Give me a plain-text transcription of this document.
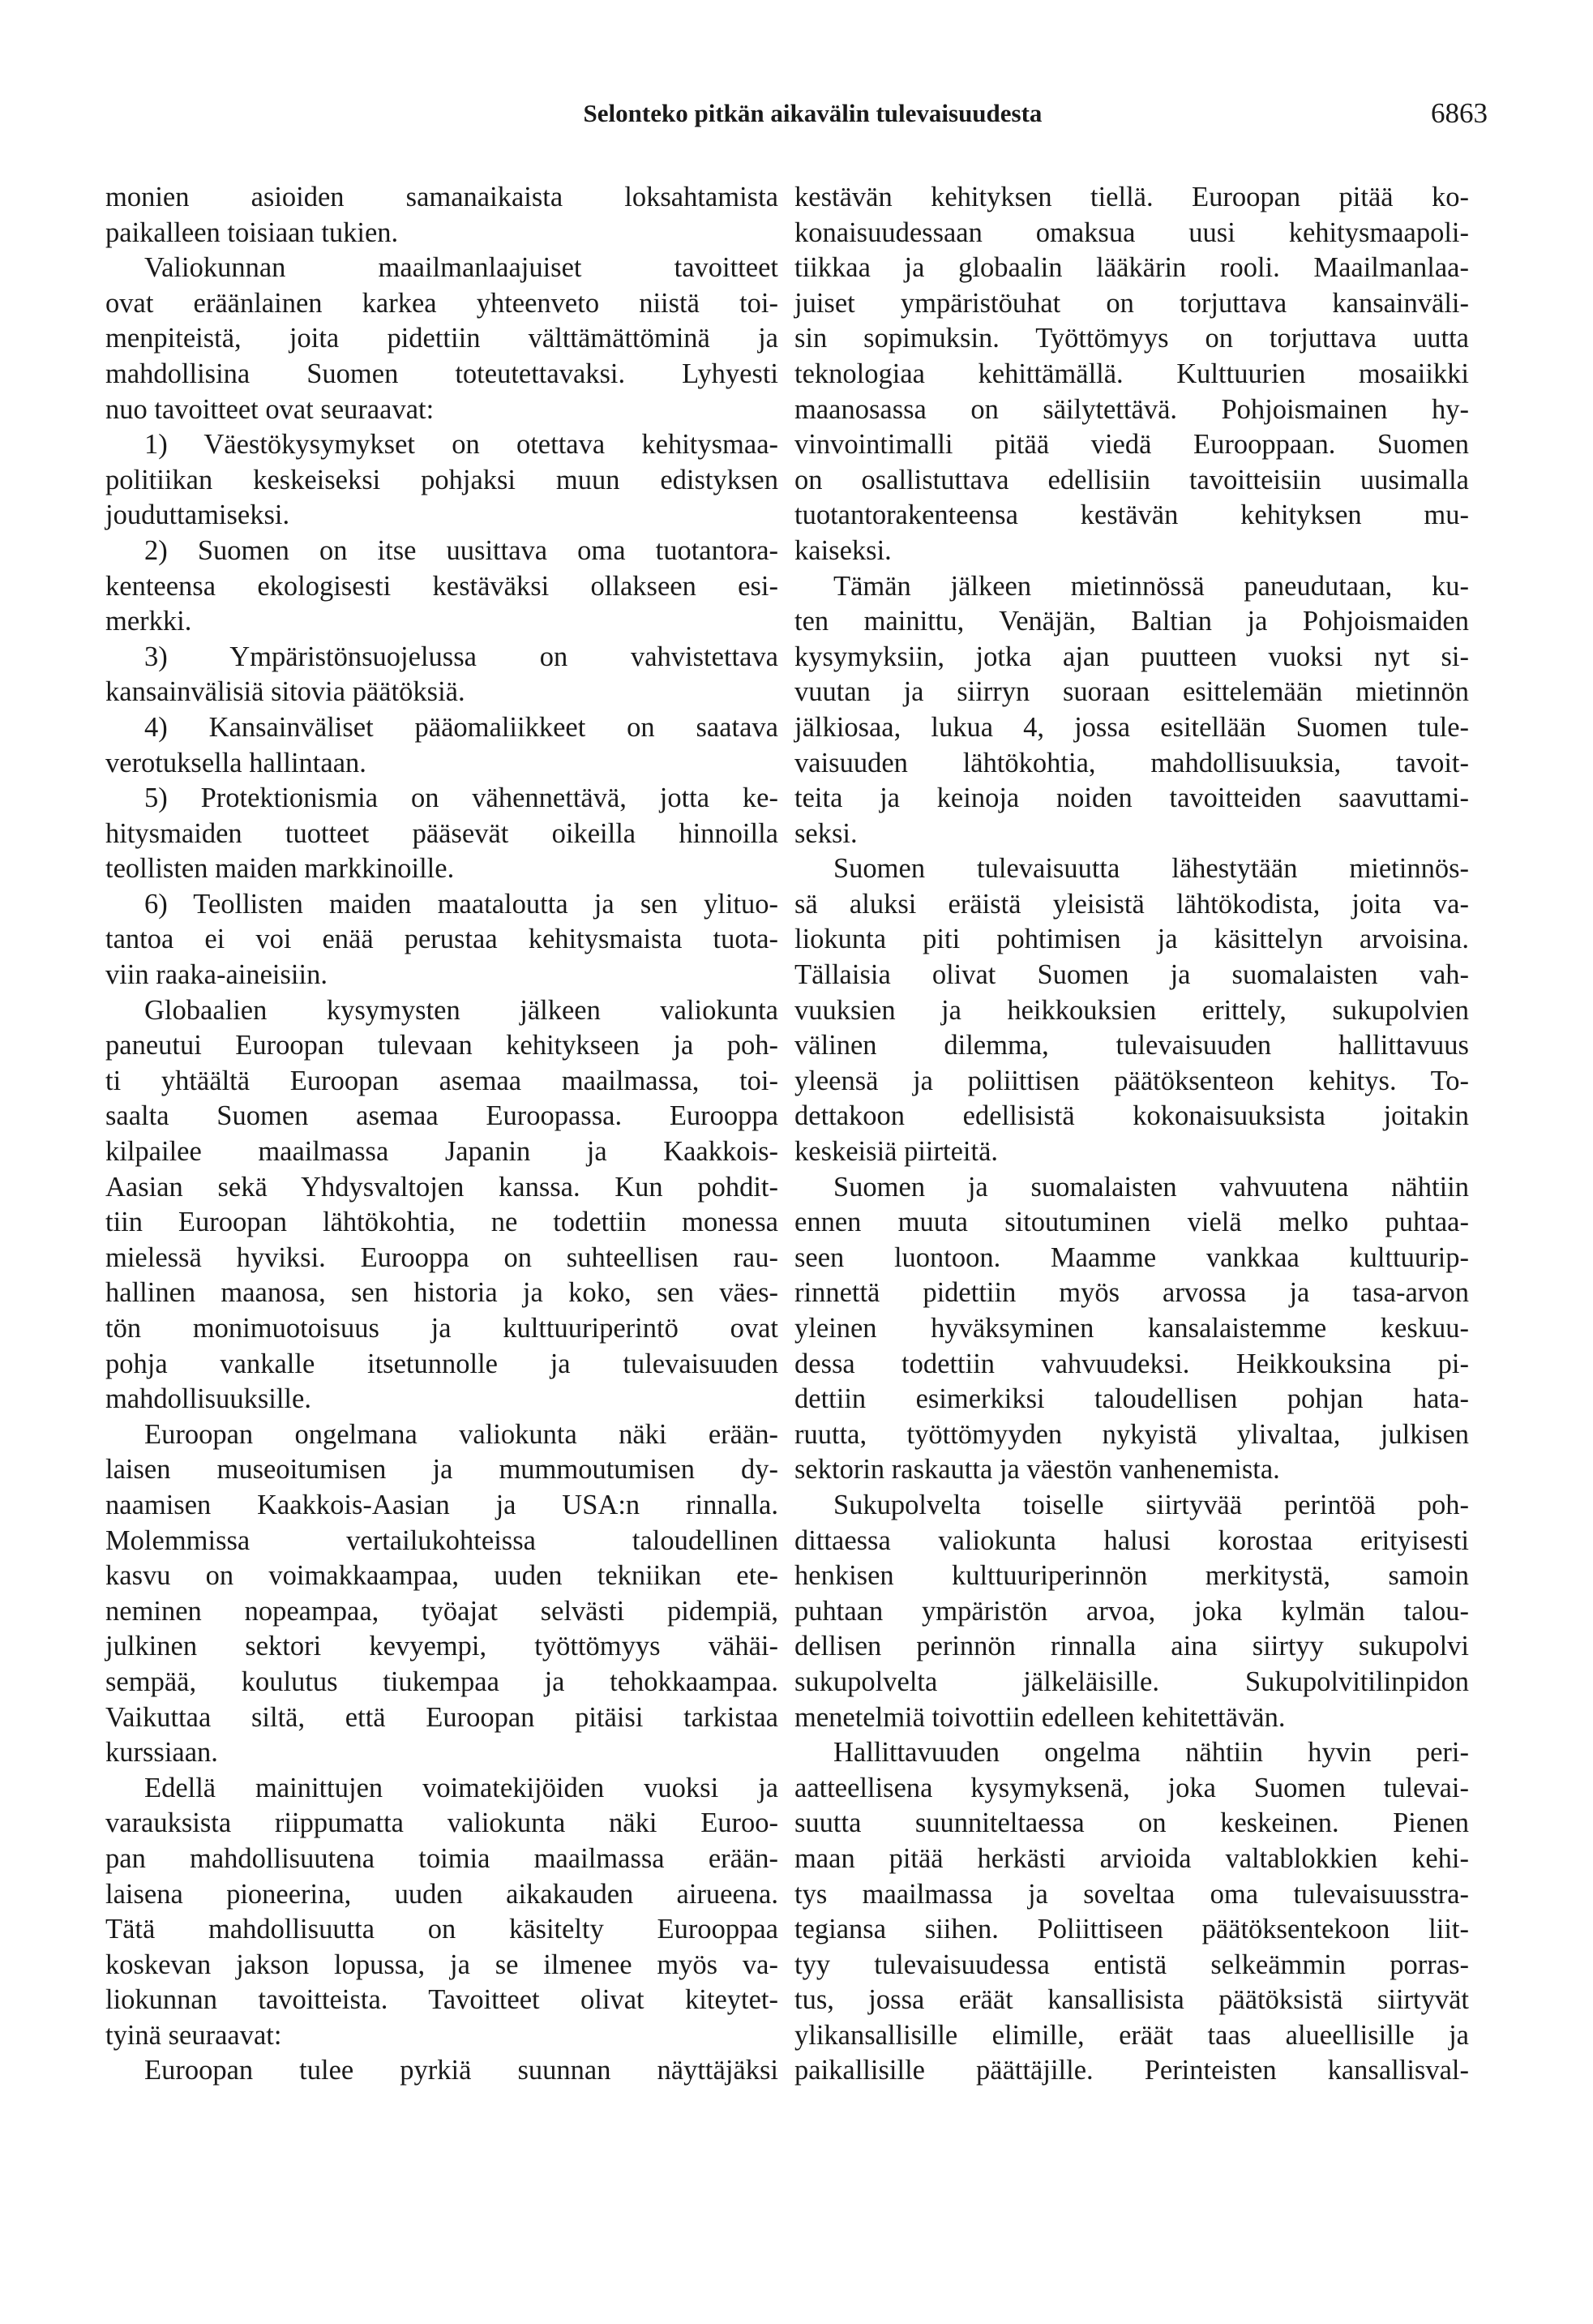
Selonteko pitkän aikavälin tulevaisuudesta	6863
monien asioiden samanaikaista loksahtamista
paikalleen toisiaan tukien.
Valiokunnan maailmanlaajuiset tavoitteet
ovat eräänlainen karkea yhteenveto niistä toi-
menpiteistä, joita pidettiin välttämättöminä ja
mahdollisina Suomen toteutettavaksi. Lyhyesti
nuo tavoitteet ovat seuraavat:
1) Väestökysymykset on otettava kehitysmaa-
politiikan keskeiseksi pohjaksi muun edistyksen
jouduttamiseksi.
2) Suomen on itse uusittava oma tuotantora-
kenteensa ekologisesti kestäväksi ollakseen esi-
merkki.
3) Ympäristönsuojelussa on vahvistettava
kansainvälisiä sitovia päätöksiä.
4) Kansainväliset pääomaliikkeet on saatava
verotuksella hallintaan.
5) Protektionismia on vähennettävä, jotta ke-
hitysmaiden tuotteet pääsevät oikeilla hinnoilla
teollisten maiden markkinoille.
6) Teollisten maiden maataloutta ja sen ylituo-
tantoa ei voi enää perustaa kehitysmaista tuota-
viin raaka-aineisiin.
Globaalien kysymysten jälkeen valiokunta
paneutui Euroopan tulevaan kehitykseen ja poh-
ti yhtäältä Euroopan asemaa maailmassa, toi-
saalta Suomen asemaa Euroopassa. Eurooppa
kilpailee maailmassa Japanin ja Kaakkois-
Aasian sekä Yhdysvaltojen kanssa. Kun pohdit-
tiin Euroopan lähtökohtia, ne todettiin monessa
mielessä hyviksi. Eurooppa on suhteellisen rau-
hallinen maanosa, sen historia ja koko, sen väes-
tön monimuotoisuus ja kulttuuriperintö ovat
pohja vankalle itsetunnolle ja tulevaisuuden
mahdollisuuksille.
Euroopan ongelmana valiokunta näki erään-
laisen museoitumisen ja mummoutumisen dy-
naamisen Kaakkois-Aasian ja USA:n rinnalla.
Molemmissa vertailukohteissa taloudellinen
kasvu on voimakkaampaa, uuden tekniikan ete-
neminen nopeampaa, työajat selvästi pidempiä,
julkinen sektori kevyempi, työttömyys vähäi-
sempää, koulutus tiukempaa ja tehokkaampaa.
Vaikuttaa siltä, että Euroopan pitäisi tarkistaa
kurssiaan.
Edellä mainittujen voimatekijöiden vuoksi ja
varauksista riippumatta valiokunta näki Euroo-
pan mahdollisuutena toimia maailmassa erään-
laisena pioneerina, uuden aikakauden airueena.
Tätä mahdollisuutta on käsitelty Eurooppaa
koskevan jakson lopussa, ja se ilmenee myös va-
liokunnan tavoitteista. Tavoitteet olivat kiteytet-
tyinä seuraavat:
Euroopan tulee pyrkiä suunnan näyttäjäksi
kestävän kehityksen tiellä. Euroopan pitää ko-
konaisuudessaan omaksua uusi kehitysmaapoli-
tiikkaa ja globaalin lääkärin rooli. Maailmanlaa-
juiset ympäristöuhat on torjuttava kansainväli-
sin sopimuksin. Työttömyys on torjuttava uutta
teknologiaa kehittämällä. Kulttuurien mosaiikki
maanosassa on säilytettävä. Pohjoismainen hy-
vinvointimalli pitää viedä Eurooppaan. Suomen
on osallistuttava edellisiin tavoitteisiin uusimalla
tuotantorakenteensa kestävän kehityksen mu-
kaiseksi.
Tämän jälkeen mietinnössä paneudutaan, ku-
ten mainittu, Venäjän, Baltian ja Pohjoismaiden
kysymyksiin, jotka ajan puutteen vuoksi nyt si-
vuutan ja siirryn suoraan esittelemään mietinnön
jälkiosaa, lukua 4, jossa esitellään Suomen tule-
vaisuuden lähtökohtia, mahdollisuuksia, tavoit-
teita ja keinoja noiden tavoitteiden saavuttami-
seksi.
Suomen tulevaisuutta lähestytään mietinnös-
sä aluksi eräistä yleisistä lähtökodista, joita va-
liokunta piti pohtimisen ja käsittelyn arvoisina.
Tällaisia olivat Suomen ja suomalaisten vah-
vuuksien ja heikkouksien erittely, sukupolvien
välinen dilemma, tulevaisuuden hallittavuus
yleensä ja poliittisen päätöksenteon kehitys. To-
dettakoon edellisistä kokonaisuuksista joitakin
keskeisiä piirteitä.
Suomen ja suomalaisten vahvuutena nähtiin
ennen muuta sitoutuminen vielä melko puhtaa-
seen luontoon. Maamme vankkaa kulttuurip-
rinnettä pidettiin myös arvossa ja tasa-arvon
yleinen hyväksyminen kansalaistemme keskuu-
dessa todettiin vahvuudeksi. Heikkouksina pi-
dettiin esimerkiksi taloudellisen pohjan hata-
ruutta, työttömyyden nykyistä ylivaltaa, julkisen
sektorin raskautta ja väestön vanhenemista.
Sukupolvelta toiselle siirtyvää perintöä poh-
dittaessa valiokunta halusi korostaa erityisesti
henkisen kulttuuriperinnön merkitystä, samoin
puhtaan ympäristön arvoa, joka kylmän talou-
dellisen perinnön rinnalla aina siirtyy sukupolvi
sukupolvelta jälkeläisille. Sukupolvitilinpidon
menetelmiä toivottiin edelleen kehitettävän.
Hallittavuuden ongelma nähtiin hyvin peri-
aatteellisena kysymyksenä, joka Suomen tulevai-
suutta suunniteltaessa on keskeinen. Pienen
maan pitää herkästi arvioida valtablokkien kehi-
tys maailmassa ja soveltaa oma tulevaisuusstra-
tegiansa siihen. Poliittiseen päätöksentekoon liit-
tyy tulevaisuudessa entistä selkeämmin porras-
tus, jossa eräät kansallisista päätöksistä siirtyvät
ylikansallisille elimille, eräät taas alueellisille ja
paikallisille päättäjille. Perinteisten kansallisval-
